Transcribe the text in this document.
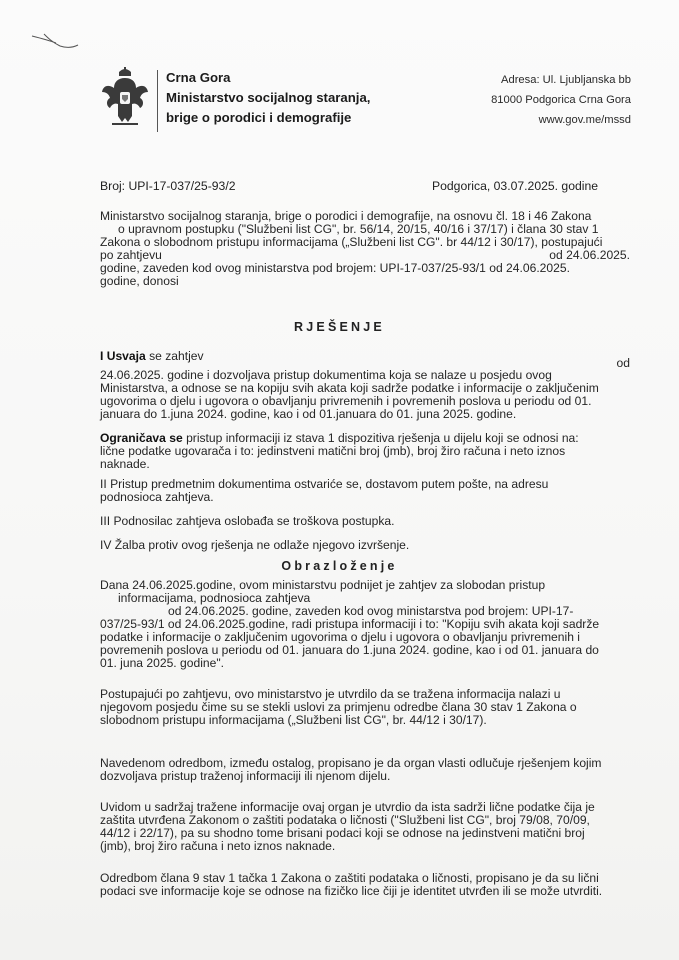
Crna Gora
Ministarstvo socijalnog staranja,
brige o porodici i demografije
Adresa: Ul. Ljubljanska bb
81000 Podgorica Crna Gora
www.gov.me/mssd
Broj: UPI-17-037/25-93/2	Podgorica, 03.07.2025. godine
Ministarstvo socijalnog staranja, brige o porodici i demografije, na osnovu čl. 18 i 46 Zakona
o upravnom postupku ("Službeni list CG", br. 56/14, 20/15, 40/16 i 37/17) i člana 30 stav 1
Zakona o slobodnom pristupu informacijama („Službeni list CG". br 44/12 i 30/17), postupajući
po zahtjevu	od 24.06.2025.
godine, zaveden kod ovog ministarstva pod brojem: UPI-17-037/25-93/1 od 24.06.2025.
godine, donosi
RJEŠENJE
I Usvaja se zahtjev	od
24.06.2025. godine i dozvoljava pristup dokumentima koja se nalaze u posjedu ovog
Ministarstva, a odnose se na kopiju svih akata koji sadrže podatke i informacije o zaključenim
ugovorima o djelu i ugovora o obavljanju privremenih i povremenih poslova u periodu od 01.
januara do 1.juna 2024. godine, kao i od 01.januara do 01. juna 2025. godine.
Ograničava se pristup informaciji iz stava 1 dispozitiva rješenja u dijelu koji se odnosi na:
lične podatke ugovarača i to: jedinstveni matični broj (jmb), broj žiro računa i neto iznos
naknade.
II Pristup predmetnim dokumentima ostvariće se, dostavom putem pošte, na adresu
podnosioca zahtjeva.
III Podnosilac zahtjeva oslobađa se troškova postupka.
IV Žalba protiv ovog rješenja ne odlaže njegovo izvršenje.
Obrazloženje
Dana 24.06.2025.godine, ovom ministarstvu podnijet je zahtjev za slobodan pristup
informacijama, podnosioca zahtjeva
od 24.06.2025. godine, zaveden kod ovog ministarstva pod brojem: UPI-17-
037/25-93/1 od 24.06.2025.godine, radi pristupa informaciji i to: "Kopiju svih akata koji sadrže
podatke i informacije o zaključenim ugovorima o djelu i ugovora o obavljanju privremenih i
povremenih poslova u periodu od 01. januara do 1.juna 2024. godine, kao i od 01. januara do
01. juna 2025. godine".
Postupajući po zahtjevu, ovo ministarstvo je utvrdilo da se tražena informacija nalazi u
njegovom posjedu čime su se stekli uslovi za primjenu odredbe člana 30 stav 1 Zakona o
slobodnom pristupu informacijama („Službeni list CG", br. 44/12 i 30/17).
Navedenom odredbom, između ostalog, propisano je da organ vlasti odlučuje rješenjem kojim
dozvoljava pristup traženoj informaciji ili njenom dijelu.
Uvidom u sadržaj tražene informacije ovaj organ je utvrdio da ista sadrži lične podatke čija je
zaštita utvrđena Zakonom o zaštiti podataka o ličnosti ("Službeni list CG", broj 79/08, 70/09,
44/12 i 22/17), pa su shodno tome brisani podaci koji se odnose na jedinstveni matični broj
(jmb), broj žiro računa i neto iznos naknade.
Odredbom člana 9 stav 1 tačka 1 Zakona o zaštiti podataka o ličnosti, propisano je da su lični
podaci sve informacije koje se odnose na fizičko lice čiji je identitet utvrđen ili se može utvrditi.
